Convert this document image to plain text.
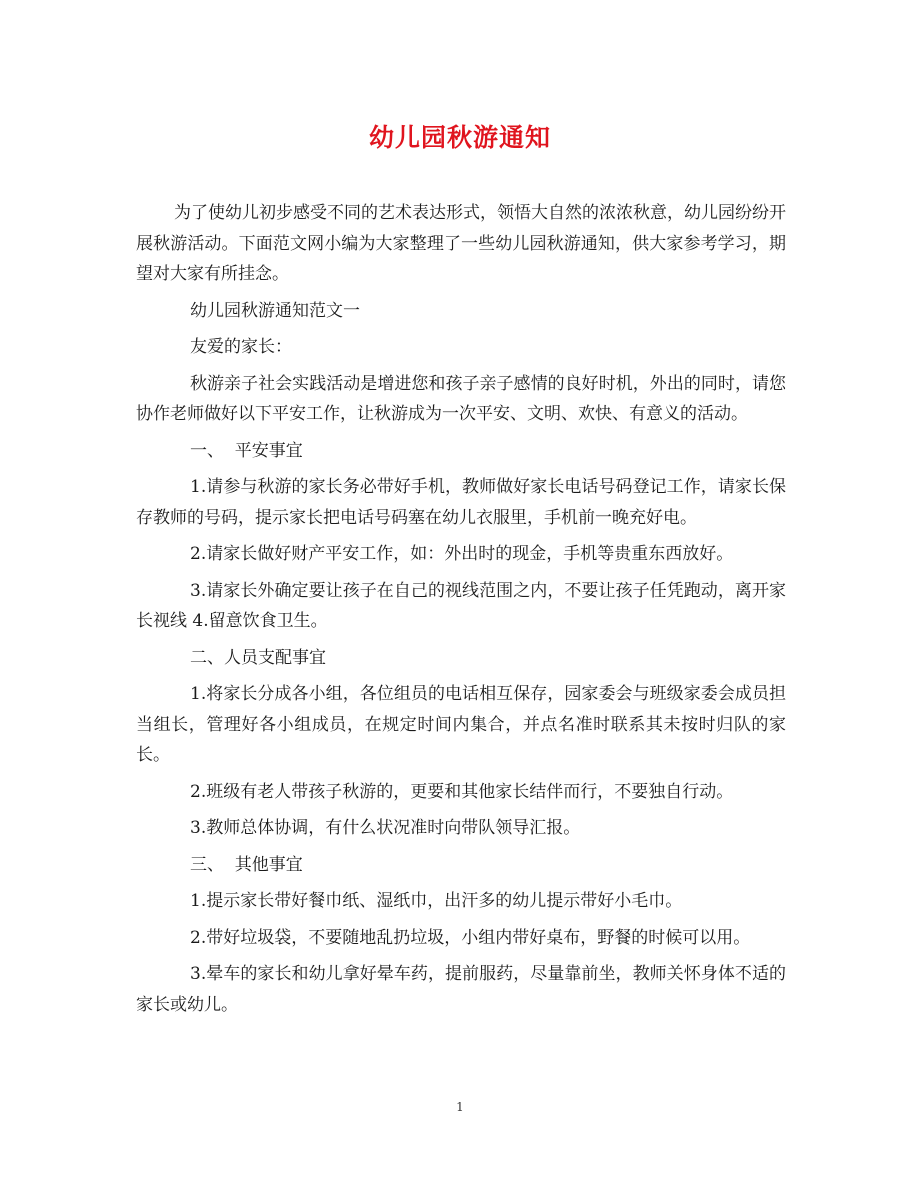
幼儿园秋游通知

为了使幼儿初步感受不同的艺术表达形式，领悟大自然的浓浓秋意，幼儿园纷纷开展秋游活动。下面范文网小编为大家整理了一些幼儿园秋游通知，供大家参考学习，期望对大家有所挂念。

幼儿园秋游通知范文一

友爱的家长：

秋游亲子社会实践活动是增进您和孩子亲子感情的良好时机，外出的同时，请您协作老师做好以下平安工作，让秋游成为一次平安、文明、欢快、有意义的活动。

一、  平安事宜

1.请参与秋游的家长务必带好手机，教师做好家长电话号码登记工作，请家长保存教师的号码，提示家长把电话号码塞在幼儿衣服里，手机前一晚充好电。

2.请家长做好财产平安工作，如：外出时的现金，手机等贵重东西放好。

3.请家长外确定要让孩子在自己的视线范围之内，不要让孩子任凭跑动，离开家长视线 4.留意饮食卫生。

二、人员支配事宜

1.将家长分成各小组，各位组员的电话相互保存，园家委会与班级家委会成员担当组长，管理好各小组成员，在规定时间内集合，并点名准时联系其未按时归队的家长。

2.班级有老人带孩子秋游的，更要和其他家长结伴而行，不要独自行动。

3.教师总体协调，有什么状况准时向带队领导汇报。

三、  其他事宜

1.提示家长带好餐巾纸、湿纸巾，出汗多的幼儿提示带好小毛巾。

2.带好垃圾袋，不要随地乱扔垃圾，小组内带好桌布，野餐的时候可以用。

3.晕车的家长和幼儿拿好晕车药，提前服药，尽量靠前坐，教师关怀身体不适的家长或幼儿。

1
